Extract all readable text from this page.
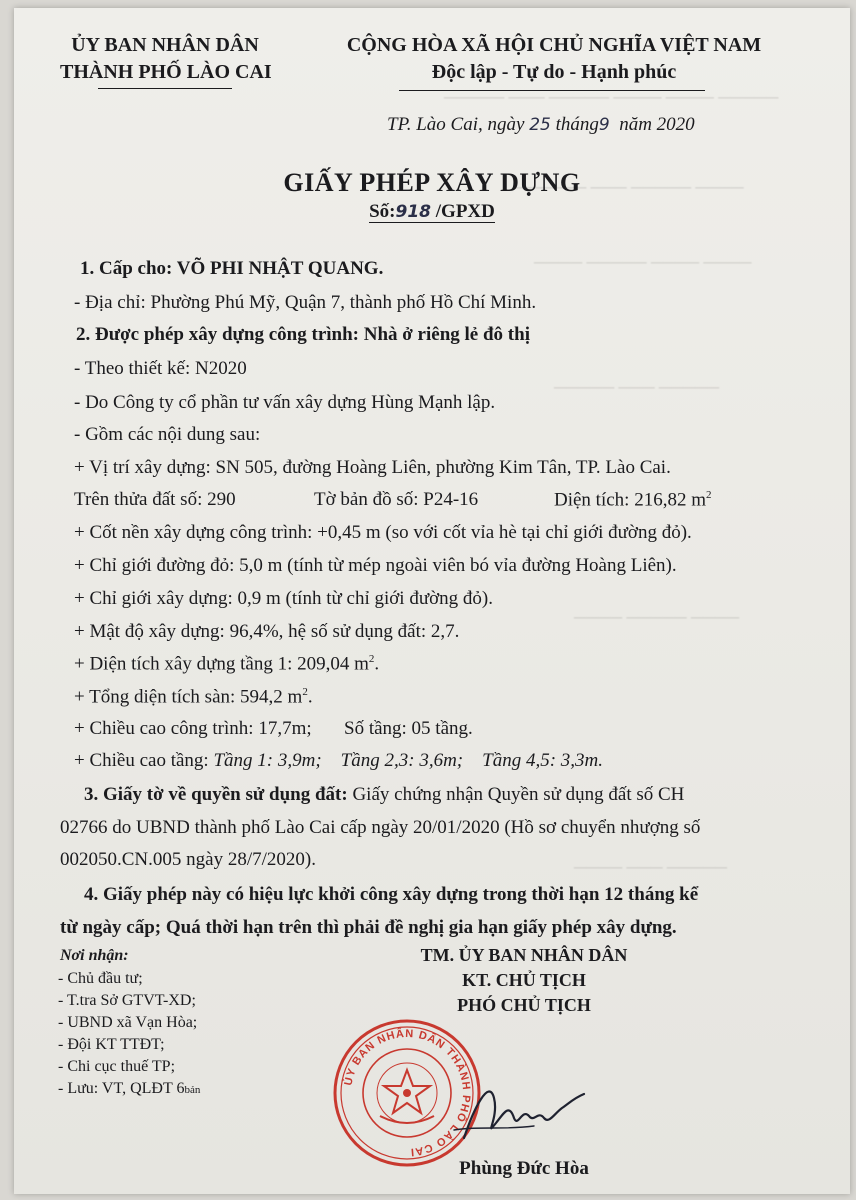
───── ──── ──── ───── ─── ─────
──── ───── ─── ──────
──── ──── ───── ────
───── ─── ─────
──── ───── ────
───── ─── ────
ỦY BAN NHÂN DÂN
THÀNH PHỐ LÀO CAI
CỘNG HÒA XÃ HỘI CHỦ NGHĨA VIỆT NAM
Độc lập - Tự do - Hạnh phúc
TP. Lào Cai, ngày 25 tháng9 năm 2020
GIẤY PHÉP XÂY DỰNG
Số:918 /GPXD
1. Cấp cho: VÕ PHI NHẬT QUANG.
- Địa chỉ: Phường Phú Mỹ, Quận 7, thành phố Hồ Chí Minh.
2. Được phép xây dựng công trình: Nhà ở riêng lẻ đô thị
- Theo thiết kế: N2020
- Do Công ty cổ phần tư vấn xây dựng Hùng Mạnh lập.
- Gồm các nội dung sau:
+ Vị trí xây dựng: SN 505, đường Hoàng Liên, phường Kim Tân, TP. Lào Cai.
Trên thửa đất số: 290	Tờ bản đồ số: P24-16	Diện tích: 216,82 $m^2$
+ Cốt nền xây dựng công trình: +0,45 m (so với cốt vỉa hè tại chỉ giới đường đỏ).
+ Chỉ giới đường đỏ: 5,0 m (tính từ mép ngoài viên bó vỉa đường Hoàng Liên).
+ Chỉ giới xây dựng: 0,9 m (tính từ chỉ giới đường đỏ).
+ Mật độ xây dựng: 96,4%, hệ số sử dụng đất: 2,7.
+ Diện tích xây dựng tầng 1: 209,04 $m^2$.
+ Tổng diện tích sàn: 594,2 $m^2$.
+ Chiều cao công trình: 17,7m; Số tầng: 05 tầng.
+ Chiều cao tầng: Tầng 1: 3,9m; Tầng 2,3: 3,6m; Tầng 4,5: 3,3m.
3. Giấy tờ về quyền sử dụng đất: Giấy chứng nhận Quyền sử dụng đất số CH
02766 do UBND thành phố Lào Cai cấp ngày 20/01/2020 (Hồ sơ chuyển nhượng số
002050.CN.005 ngày 28/7/2020).
4. Giấy phép này có hiệu lực khởi công xây dựng trong thời hạn 12 tháng kể
từ ngày cấp; Quá thời hạn trên thì phải đề nghị gia hạn giấy phép xây dựng.
Nơi nhận:
- Chủ đầu tư;
- T.tra Sở GTVT-XD;
- UBND xã Vạn Hòa;
- Đội KT TTĐT;
- Chi cục thuế TP;
- Lưu: VT, QLĐT 6bản
TM. ỦY BAN NHÂN DÂN
KT. CHỦ TỊCH
PHÓ CHỦ TỊCH
ỦY BAN NHÂN DÂN THÀNH PHỐ LÀO CAI
Phùng Đức Hòa
